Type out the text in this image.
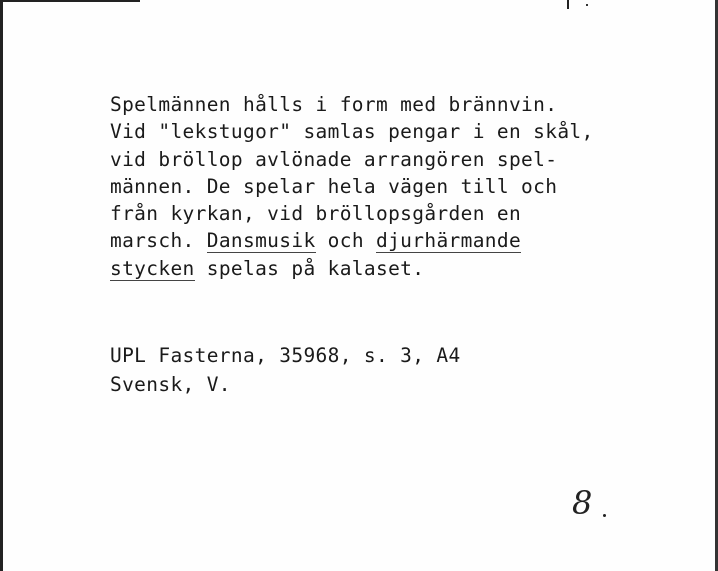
Spelmännen hålls i form med brännvin.
Vid "lekstugor" samlas pengar i en skål,
vid bröllop avlönade arrangören spel-
männen. De spelar hela vägen till och
från kyrkan, vid bröllopsgården en
marsch. Dansmusik och djurhärmande
stycken spelas på kalaset.

UPL Fasterna, 35968, s. 3, A4
Svensk, V.

8
